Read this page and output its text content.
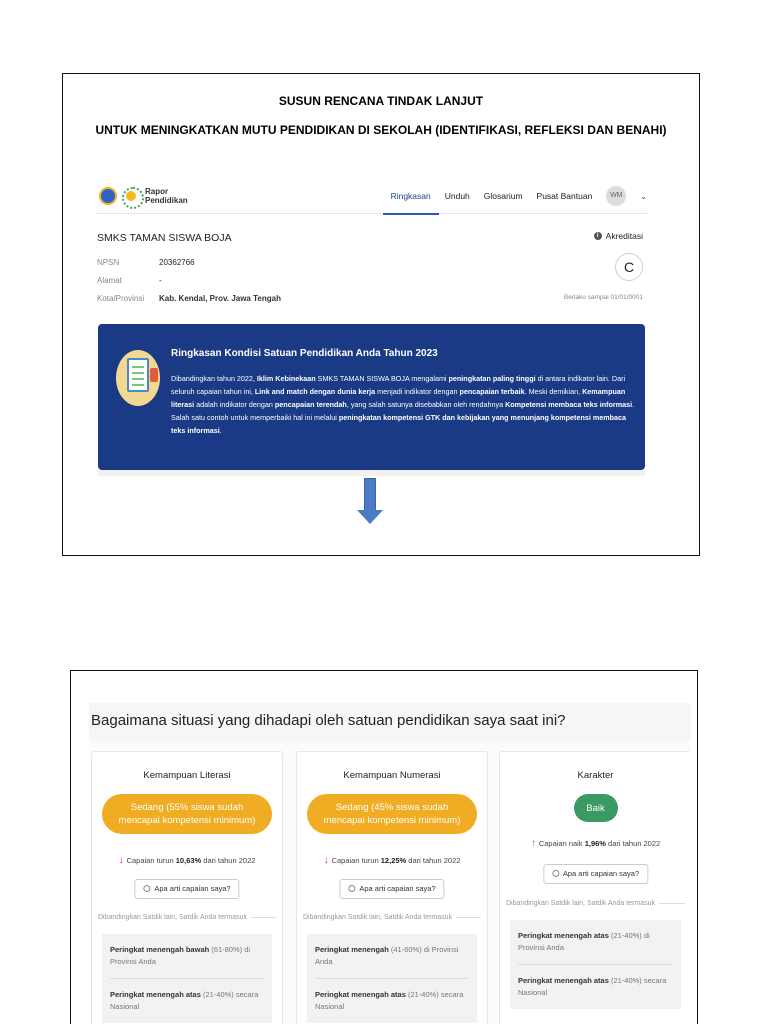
SUSUN RENCANA TINDAK LANJUT
UNTUK MENINGKATKAN MUTU PENDIDIKAN DI SEKOLAH (IDENTIFIKASI, REFLEKSI DAN BENAHI)
Rapor
Pendidikan	Ringkasan Unduh Glosarium Pusat Bantuan	WM	⌄
SMKS TAMAN SISWA BOJA	i Akreditasi
C
Berlaku sampai 01/01/0001
NPSN	20362766
Alamat	-
Kota/Provinsi	Kab. Kendal, Prov. Jawa Tengah
Ringkasan Kondisi Satuan Pendidikan Anda Tahun 2023
Dibandingkan tahun 2022, Iklim Kebinekaan SMKS TAMAN SISWA BOJA mengalami peningkatan paling tinggi di antara indikator lain. Dari seluruh capaian tahun ini, Link and match dengan dunia kerja menjadi indikator dengan pencapaian terbaik. Meski demikian, Kemampuan literasi adalah indikator dengan pencapaian terendah, yang salah satunya disebabkan oleh rendahnya Kompetensi membaca teks informasi. Salah satu contoh untuk memperbaiki hal ini melalui peningkatan kompetensi GTK dan kebijakan yang menunjang kompetensi membaca teks informasi.
Bagaimana situasi yang dihadapi oleh satuan pendidikan saya saat ini?
Kemampuan Literasi
Sedang (55% siswa sudah mencapai kompetensi minimum)
↓ Capaian turun 10,63% dari tahun 2022
Apa arti capaian saya?
Dibandingkan Satdik lain, Satdik Anda termasuk
Peringkat menengah bawah (61-80%) di Provinsi Anda
Peringkat menengah atas (21-40%) secara Nasional
Kemampuan Numerasi
Sedang (45% siswa sudah mencapai kompetensi minimum)
↓ Capaian turun 12,25% dari tahun 2022
Apa arti capaian saya?
Dibandingkan Satdik lain, Satdik Anda termasuk
Peringkat menengah (41-60%) di Provinsi Anda
Peringkat menengah atas (21-40%) secara Nasional
Karakter
Baik
↑ Capaian naik 1,96% dari tahun 2022
Apa arti capaian saya?
Dibandingkan Satdik lain, Satdik Anda termasuk
Peringkat menengah atas (21-40%) di Provinsi Anda
Peringkat menengah atas (21-40%) secara Nasional
